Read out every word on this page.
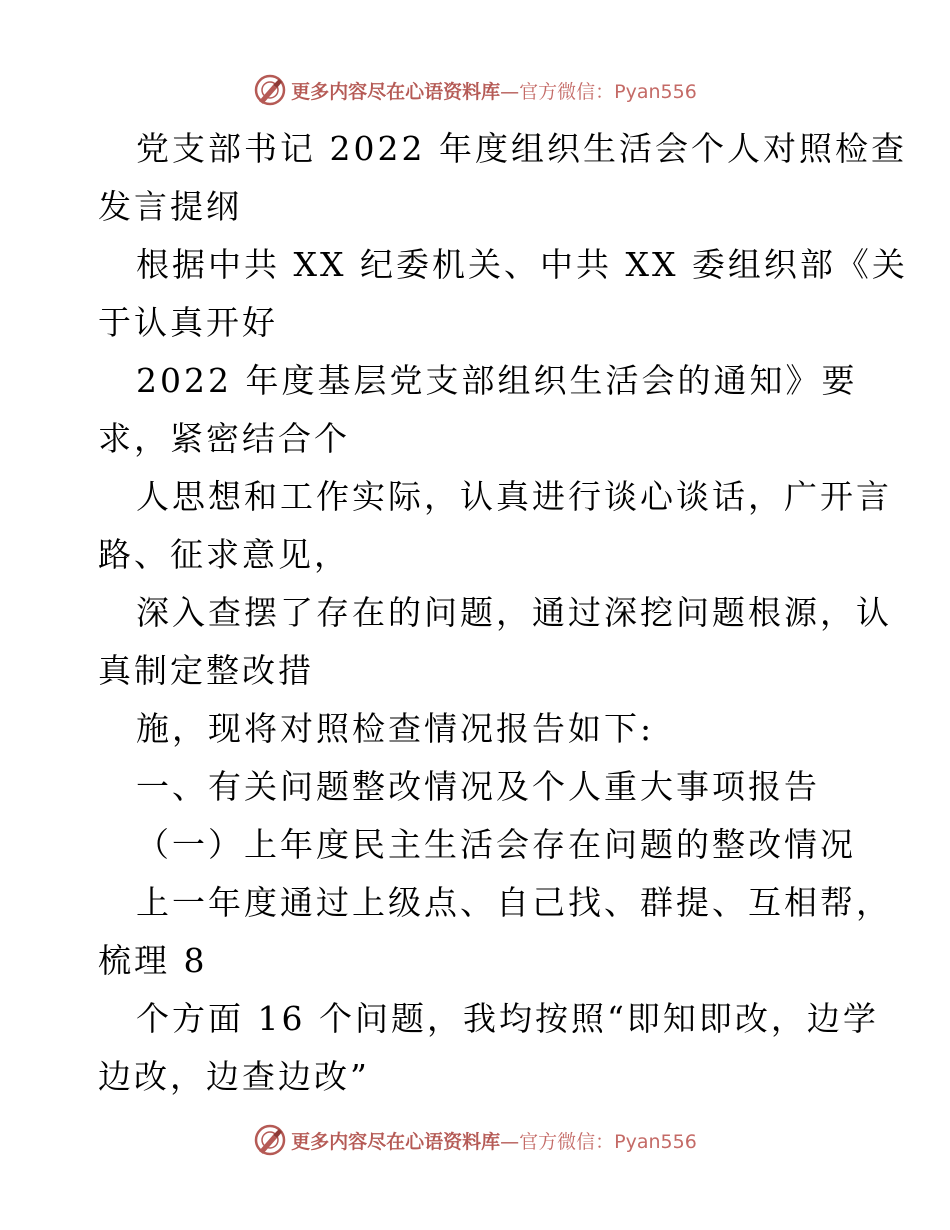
更多内容尽在心语资料库—官方微信：Pyan556
党支部书记 2022 年度组织生活会个人对照检查
发言提纲
根据中共 XX 纪委机关、中共 XX 委组织部《关
于认真开好
2022 年度基层党支部组织生活会的通知》要
求，紧密结合个
人思想和工作实际，认真进行谈心谈话，广开言
路、征求意见，
深入查摆了存在的问题，通过深挖问题根源，认
真制定整改措
施，现将对照检查情况报告如下:
一、有关问题整改情况及个人重大事项报告
（一）上年度民主生活会存在问题的整改情况
上一年度通过上级点、自己找、群提、互相帮，
梳理 8
个方面 16 个问题，我均按照“即知即改，边学
边改，边查边改”
更多内容尽在心语资料库—官方微信：Pyan556
